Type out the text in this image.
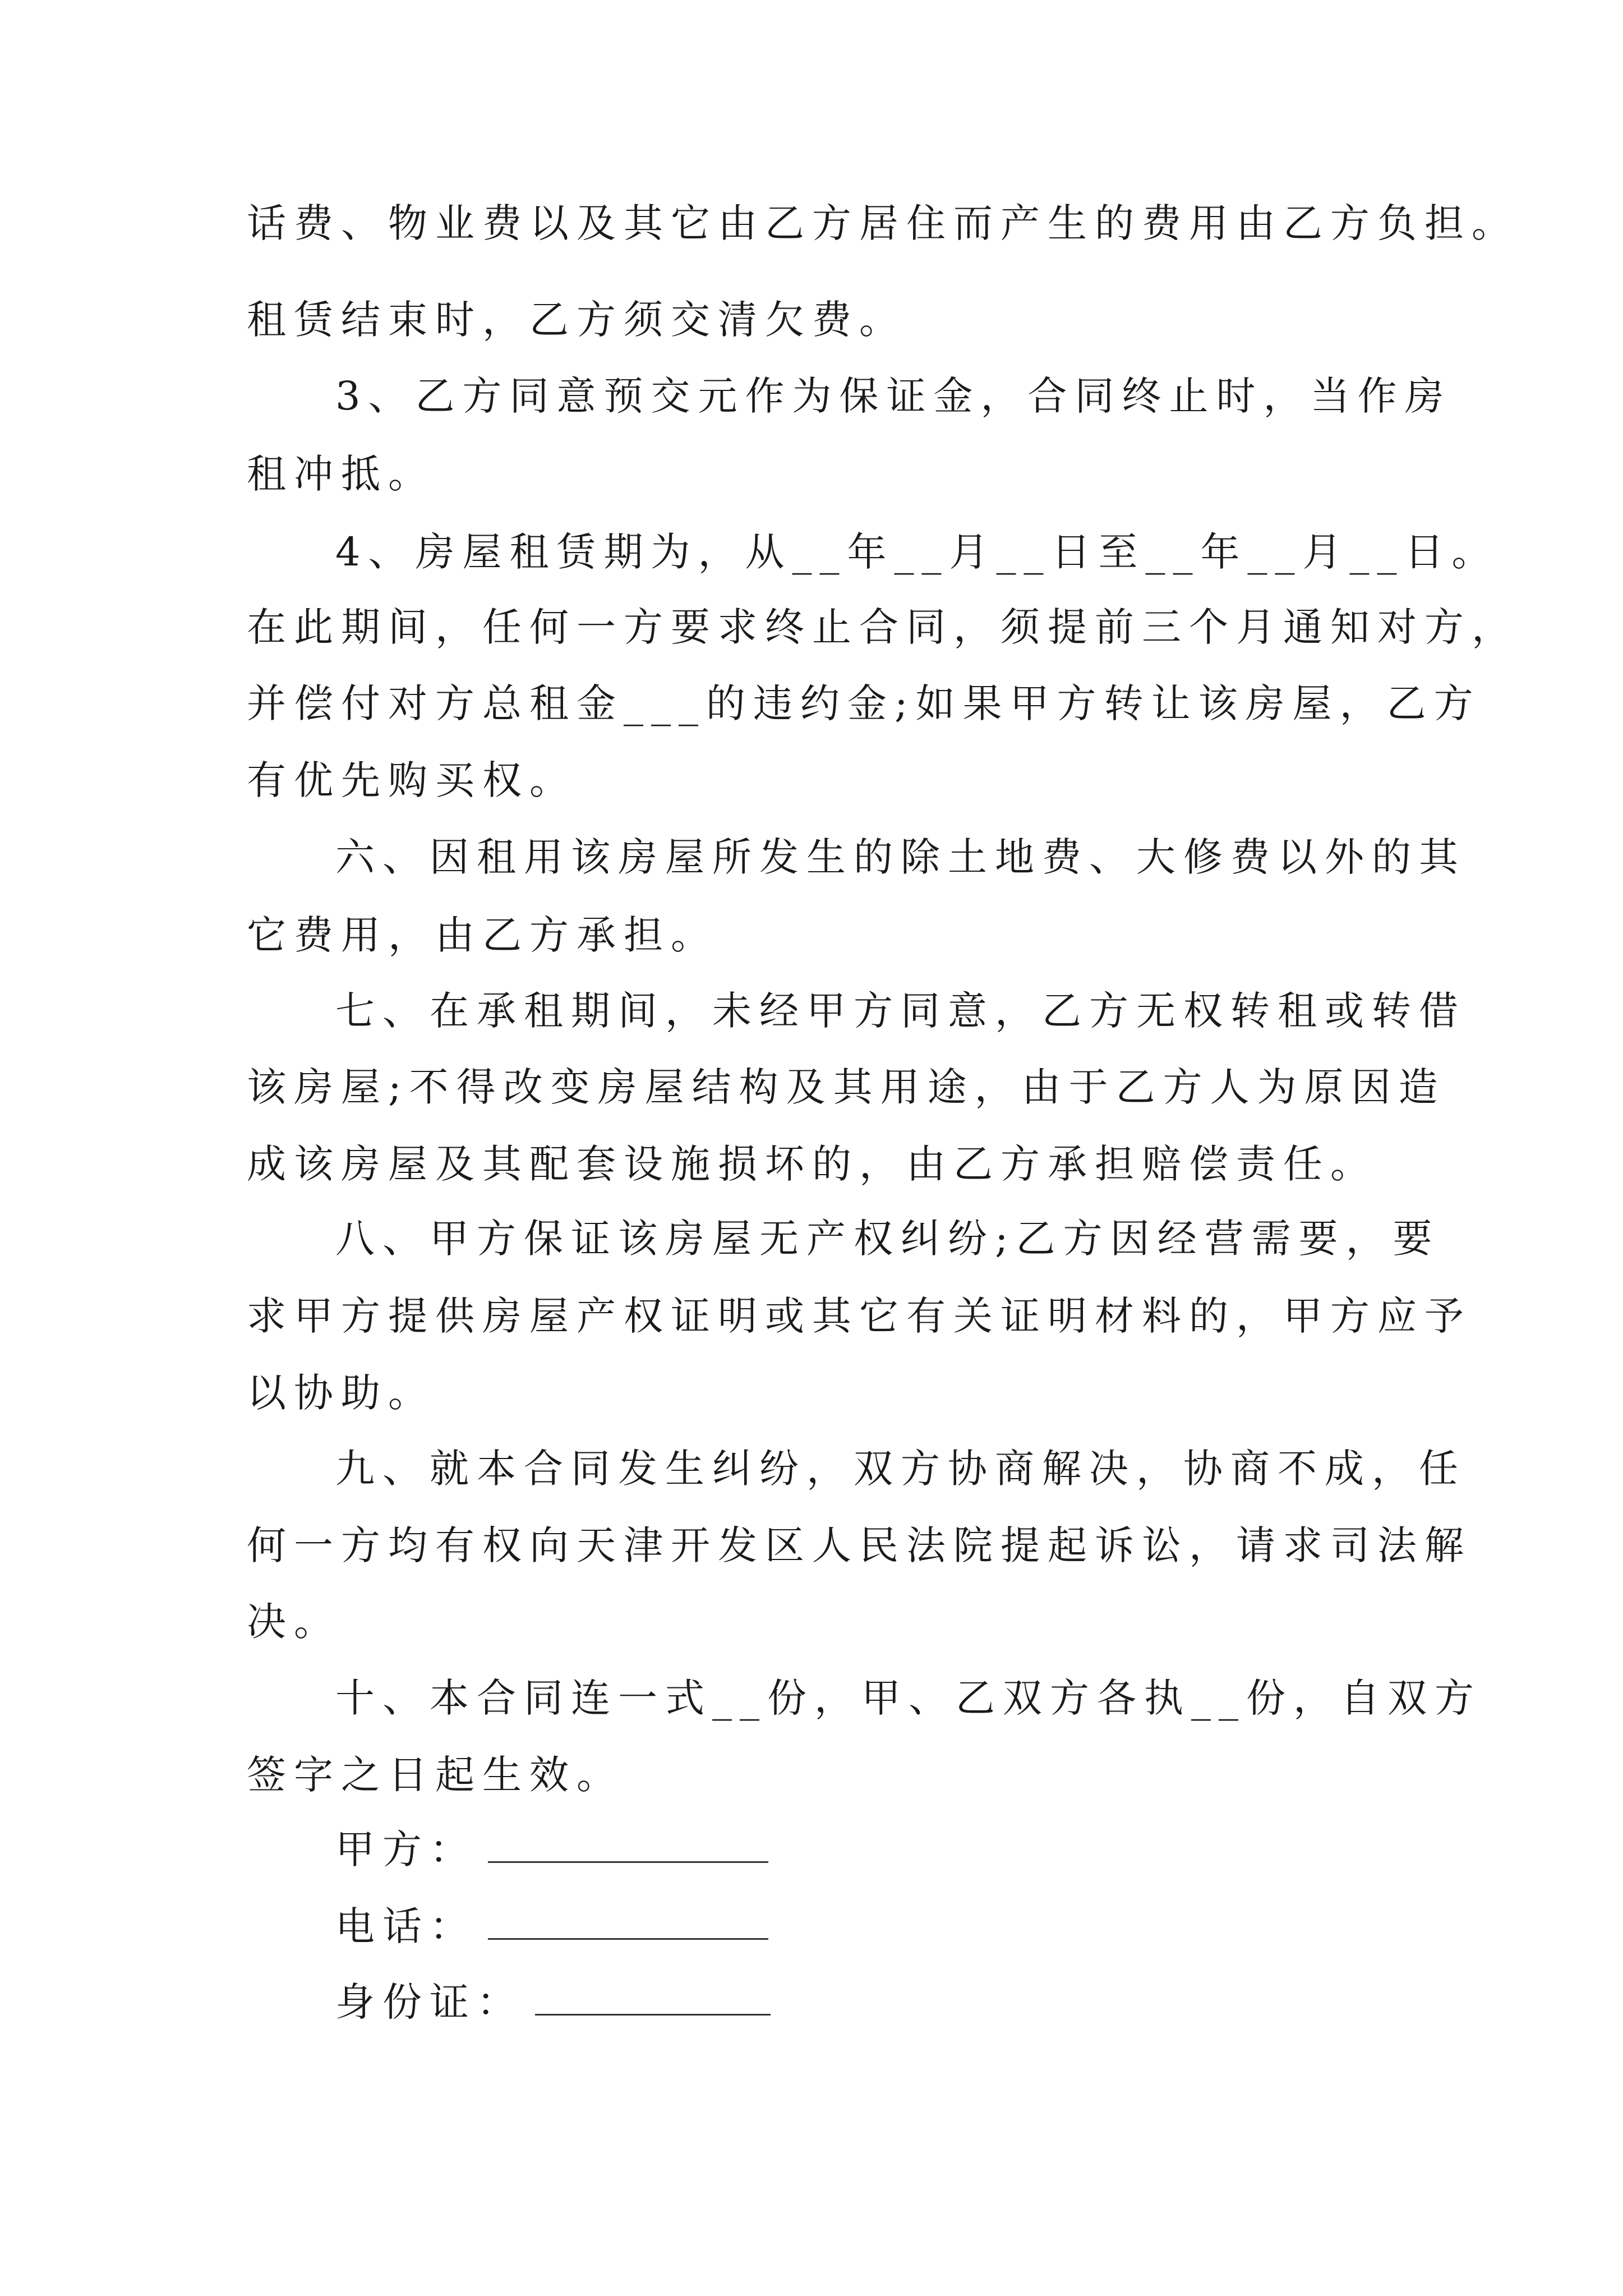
话费、物业费以及其它由乙方居住而产生的费用由乙方负担。
租赁结束时，乙方须交清欠费。
3、乙方同意预交元作为保证金，合同终止时，当作房
租冲抵。
4、房屋租赁期为，从__年__月__日至__年__月__日。
在此期间，任何一方要求终止合同，须提前三个月通知对方，
并偿付对方总租金___的违约金;如果甲方转让该房屋，乙方
有优先购买权。
六、因租用该房屋所发生的除土地费、大修费以外的其
它费用，由乙方承担。
七、在承租期间，未经甲方同意，乙方无权转租或转借
该房屋;不得改变房屋结构及其用途，由于乙方人为原因造
成该房屋及其配套设施损坏的，由乙方承担赔偿责任。
八、甲方保证该房屋无产权纠纷;乙方因经营需要，要
求甲方提供房屋产权证明或其它有关证明材料的，甲方应予
以协助。
九、就本合同发生纠纷，双方协商解决，协商不成，任
何一方均有权向天津开发区人民法院提起诉讼，请求司法解
决。
十、本合同连一式__份，甲、乙双方各执__份，自双方
签字之日起生效。
甲方：
电话：
身份证：
